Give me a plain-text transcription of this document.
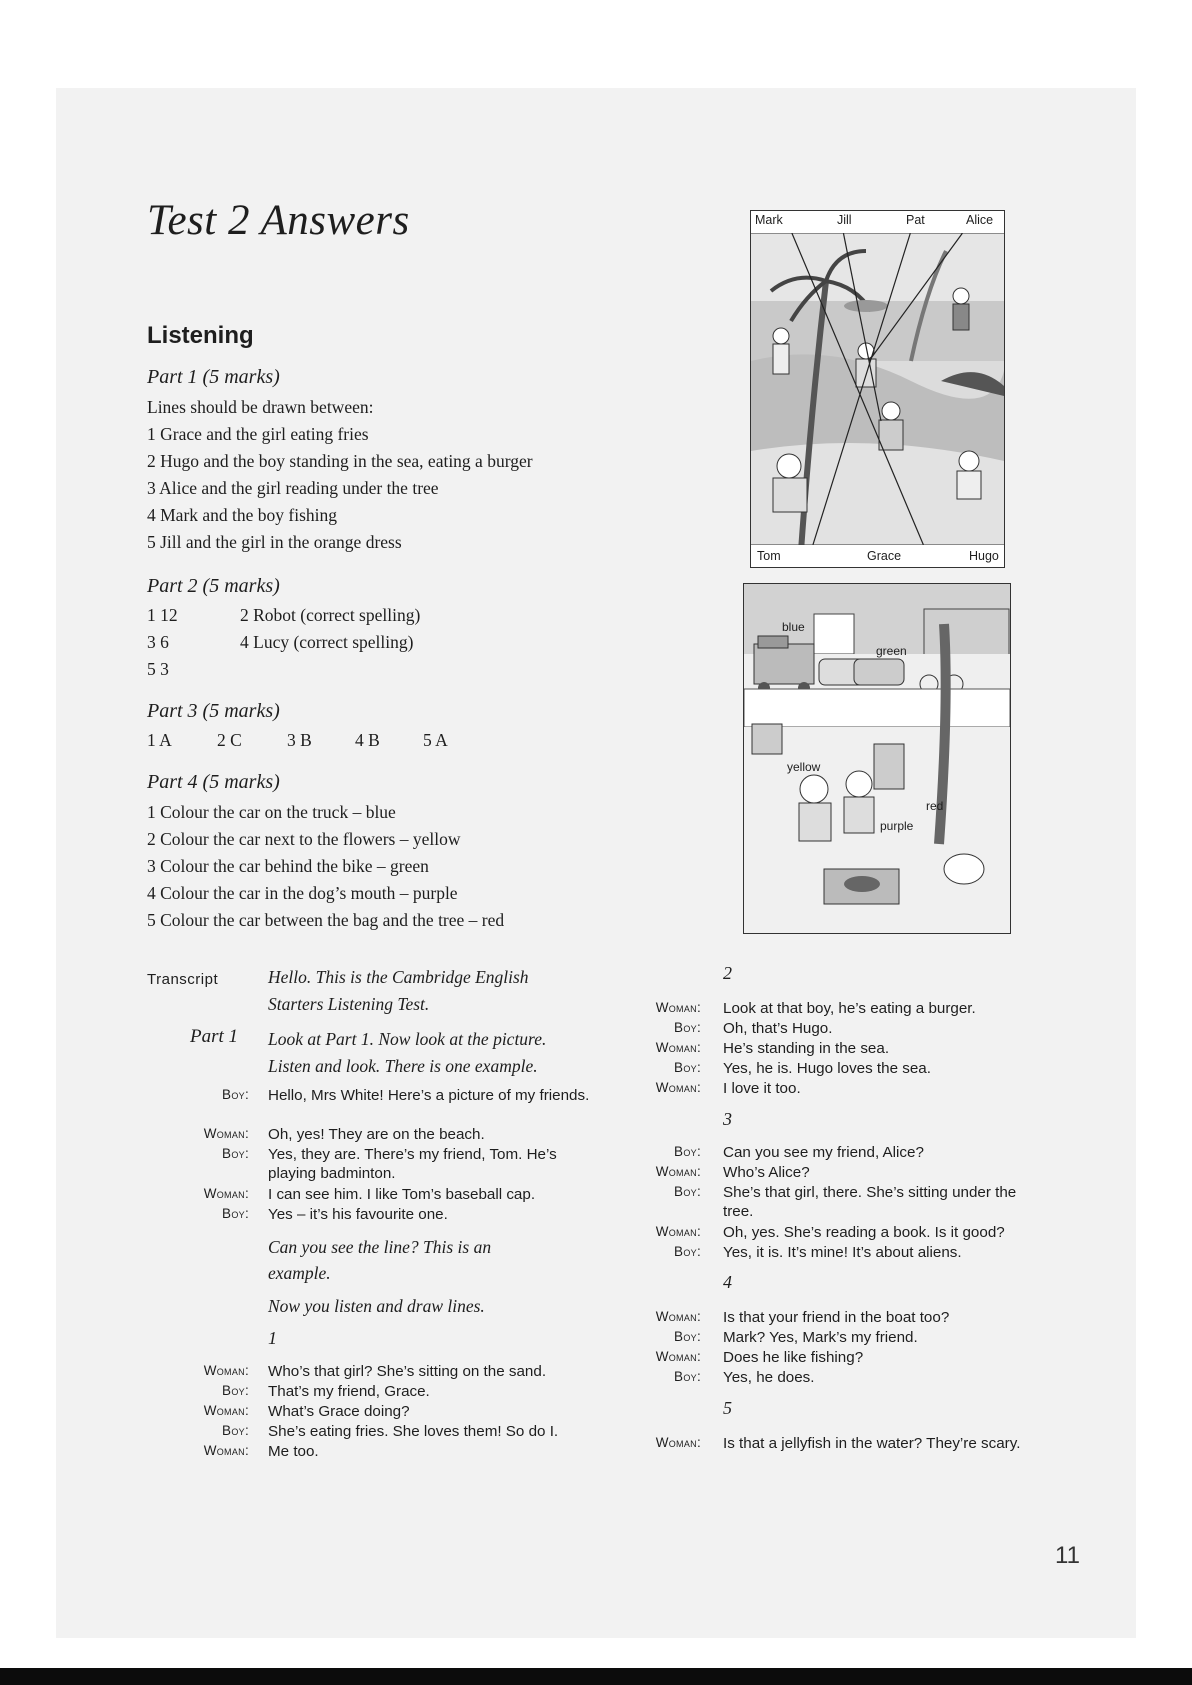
Test 2 Answers
Listening
Part 1 (5 marks)
Lines should be drawn between:
1 Grace and the girl eating fries
2 Hugo and the boy standing in the sea, eating a burger
3 Alice and the girl reading under the tree
4 Mark and the boy fishing
5 Jill and the girl in the orange dress
Part 2 (5 marks)
1 12	2 Robot (correct spelling)
3 6	4 Lucy (correct spelling)
5 3
Part 3 (5 marks)
1 A	2 C	3 B 4 B 5 A
Part 4 (5 marks)
1 Colour the car on the truck – blue
2 Colour the car next to the flowers – yellow
3 Colour the car behind the bike – green
4 Colour the car in the dog’s mouth – purple
5 Colour the car between the bag and the tree – red
Mark	Jill	Pat	Alice
Tom	Grace	Hugo
blue
green
yellow
red
purple
Transcript	Hello. This is the Cambridge English
Starters Listening Test.
Part 1 Look at Part 1. Now look at the picture.
Listen and look. There is one example.
Boy: Hello, Mrs White! Here’s a picture of my friends.
Woman: Oh, yes! They are on the beach.
Boy: Yes, they are. There’s my friend, Tom. He’s playing badminton.
Woman: I can see him. I like Tom’s baseball cap.
Boy: Yes – it’s his favourite one.
Can you see the line? This is an
example.
Now you listen and draw lines.
1
Woman: Who’s that girl? She’s sitting on the sand.
Boy: That’s my friend, Grace.
Woman: What’s Grace doing?
Boy: She’s eating fries. She loves them! So do I.
Woman: Me too.
2
Woman: Look at that boy, he’s eating a burger.
Boy: Oh, that’s Hugo.
Woman: He’s standing in the sea.
Boy: Yes, he is. Hugo loves the sea.
Woman: I love it too.
3
Boy: Can you see my friend, Alice?
Woman: Who’s Alice?
Boy: She’s that girl, there. She’s sitting under the tree.
Woman: Oh, yes. She’s reading a book. Is it good?
Boy: Yes, it is. It’s mine! It’s about aliens.
4
Woman: Is that your friend in the boat too?
Boy: Mark? Yes, Mark’s my friend.
Woman: Does he like fishing?
Boy: Yes, he does.
5
Woman: Is that a jellyfish in the water? They’re scary.
11
